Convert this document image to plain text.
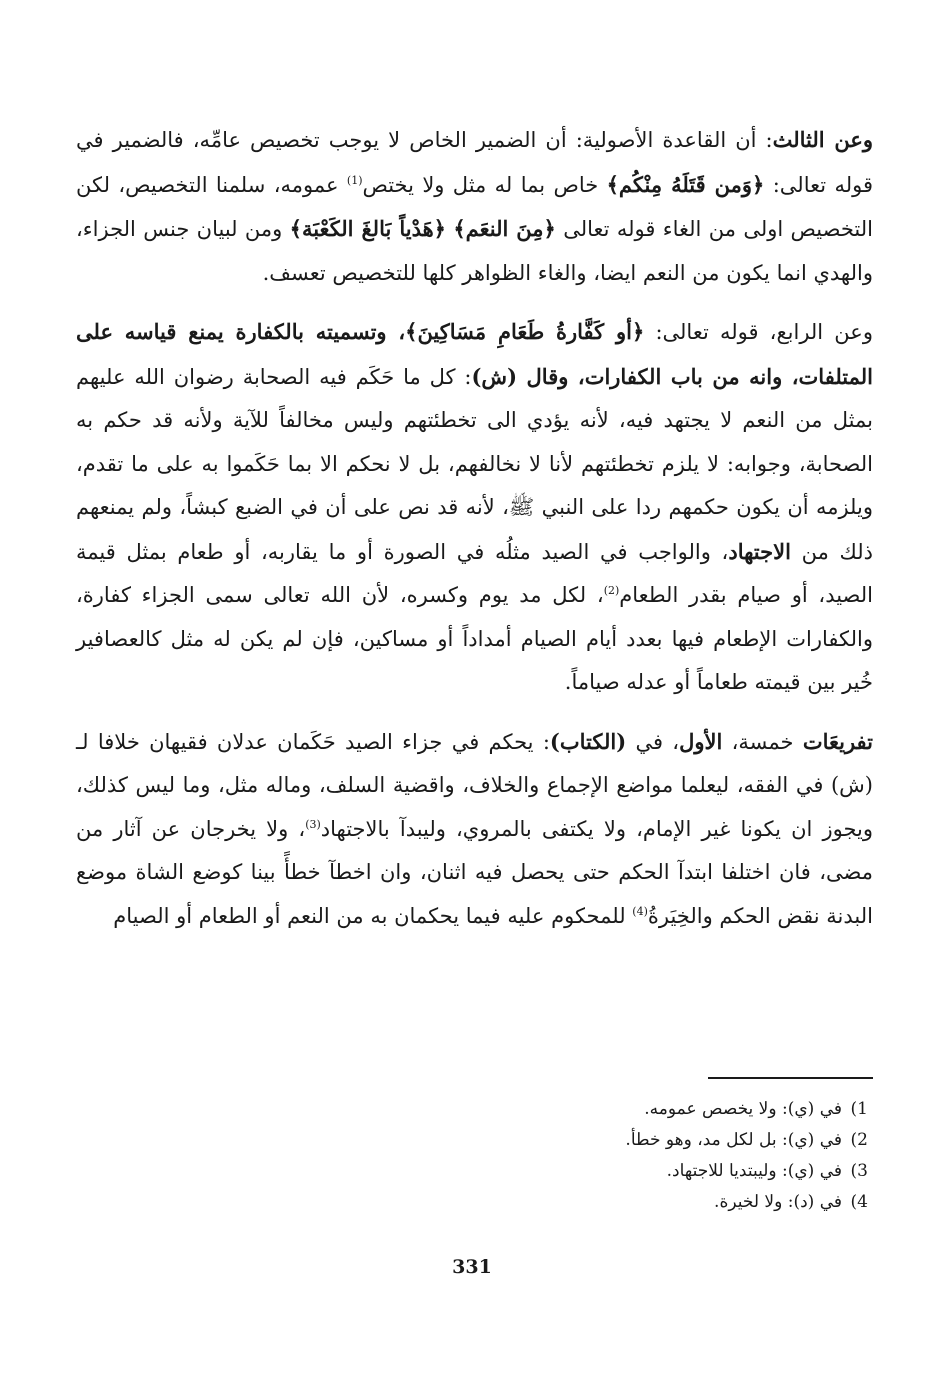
وعن الثالث: أن القاعدة الأصولية: أن الضمير الخاص لا يوجب تخصيص عامِّه، فالضمير في قوله تعالى: ﴿وَمن قَتَلَهُ مِنْكُم﴾ خاص بما له مثل ولا يختص$^{(1)}$ عمومه، سلمنا التخصيص، لكن التخصيص اولى من الغاء قوله تعالى ﴿مِنَ النعَم﴾ ﴿هَدْياً بَالغَ الكَعْبَة﴾ ومن لبيان جنس الجزاء، والهدي انما يكون من النعم ايضا، والغاء الظواهر كلها للتخصيص تعسف.

وعن الرابع، قوله تعالى: ﴿أو كَفَّارةُ طَعَامِ مَسَاكِينَ﴾، وتسميته بالكفارة يمنع قياسه على المتلفات، وانه من باب الكفارات، وقال (ش): كل ما حَكَم فيه الصحابة رضوان الله عليهم بمثل من النعم لا يجتهد فيه، لأنه يؤدي الى تخطئتهم وليس مخالفاً للآية ولأنه قد حكم به الصحابة، وجوابه: لا يلزم تخطئتهم لأنا لا نخالفهم، بل لا نحكم الا بما حَكَموا به على ما تقدم، ويلزمه أن يكون حكمهم ردا على النبي ﷺ، لأنه قد نص على أن في الضبع كبشاً، ولم يمنعهم ذلك من الاجتهاد، والواجب في الصيد مثلُه في الصورة أو ما يقاربه، أو طعام بمثل قيمة الصيد، أو صيام بقدر الطعام$^{(2)}$، لكل مد يوم وكسره، لأن الله تعالى سمى الجزاء كفارة، والكفارات الإطعام فيها بعدد أيام الصيام أمداداً أو مساكين، فإن لم يكن له مثل كالعصافير خُير بين قيمته طعاماً أو عدله صياماً.

تفريعَات خمسة، الأول، في (الكتاب): يحكم في جزاء الصيد حَكَمان عدلان فقيهان خلافا لـ (ش) في الفقه، ليعلما مواضع الإجماع والخلاف، واقضية السلف، وماله مثل، وما ليس كذلك، ويجوز ان يكونا غير الإمام، ولا يكتفى بالمروي، وليبدآ بالاجتهاد$^{(3)}$، ولا يخرجان عن آثار من مضى، فان اختلفا ابتدآ الحكم حتى يحصل فيه اثنان، وان اخطآ خطأً بينا كوضع الشاة موضع البدنة نقض الحكم والخِيَرةُ$^{(4)}$ للمحكوم عليه فيما يحكمان به من النعم أو الطعام أو الصيام

1)في (ي): ولا يخصص عمومه.
2)في (ي): بل لكل مد، وهو خطأ.
3)في (ي): وليبتديا للاجتهاد.
4)في (د): ولا لخيرة.
331
